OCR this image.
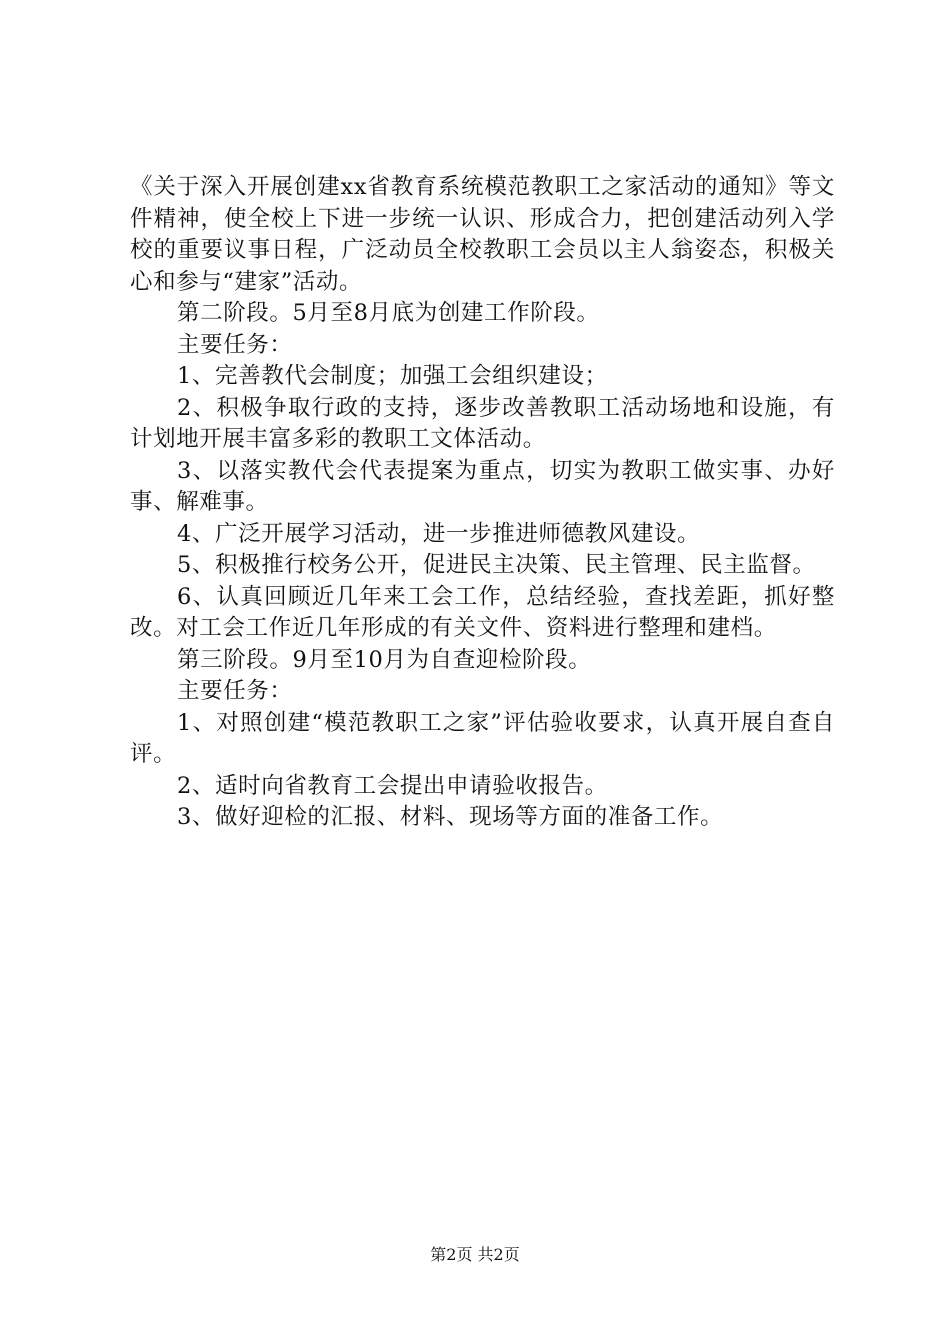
《关于深入开展创建xx省教育系统模范教职工之家活动的通知》等文件精神，使全校上下进一步统一认识、形成合力，把创建活动列入学校的重要议事日程，广泛动员全校教职工会员以主人翁姿态，积极关心和参与“建家”活动。

第二阶段。5月至8月底为创建工作阶段。

主要任务：

1、完善教代会制度；加强工会组织建设；

2、积极争取行政的支持，逐步改善教职工活动场地和设施，有计划地开展丰富多彩的教职工文体活动。

3、以落实教代会代表提案为重点，切实为教职工做实事、办好事、解难事。

4、广泛开展学习活动，进一步推进师德教风建设。

5、积极推行校务公开，促进民主决策、民主管理、民主监督。

6、认真回顾近几年来工会工作，总结经验，查找差距，抓好整改。对工会工作近几年形成的有关文件、资料进行整理和建档。

第三阶段。9月至10月为自查迎检阶段。

主要任务：

1、对照创建“模范教职工之家”评估验收要求，认真开展自查自评。

2、适时向省教育工会提出申请验收报告。

3、做好迎检的汇报、材料、现场等方面的准备工作。

第2页 共2页
